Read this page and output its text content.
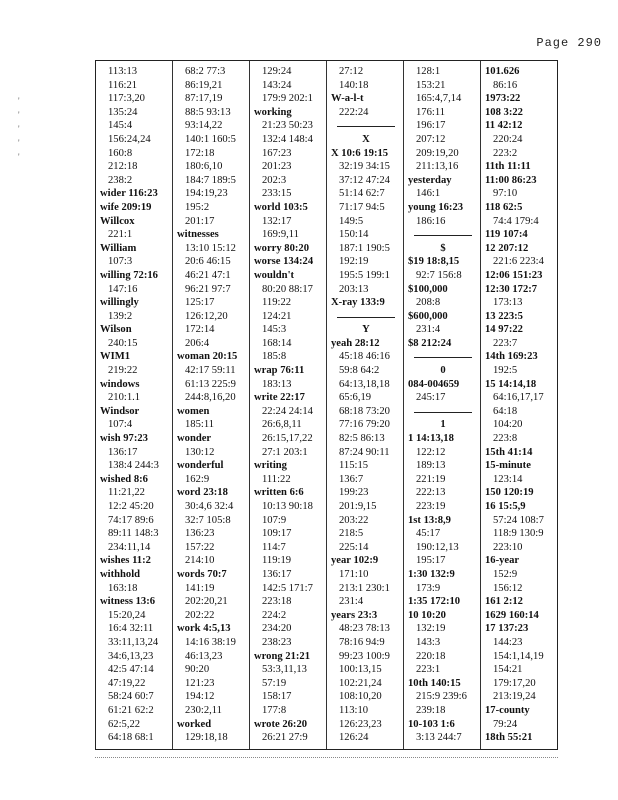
Page 290
'
'
'
'
'
113:13
116:21
117:3,20
135:24
145:4
156:24,24
160:8
212:18
238:2
wider 116:23
wife 209:19
Willcox
221:1
William
107:3
willing 72:16
147:16
willingly
139:2
Wilson
240:15
WIM1
219:22
windows
210:1.1
Windsor
107:4
wish 97:23
136:17
138:4 244:3
wished 8:6
11:21,22
12:2 45:20
74:17 89:6
89:11 148:3
234:11,14
wishes 11:2
withhold
163:18
witness 13:6
15:20,24
16:4 32:11
33:11,13,24
34:6,13,23
42:5 47:14
47:19,22
58:24 60:7
61:21 62:2
62:5,22
64:18 68:1
68:2 77:3
86:19,21
87:17,19
88:5 93:13
93:14,22
140:1 160:5
172:18
180:6,10
184:7 189:5
194:19,23
195:2
201:17
witnesses
13:10 15:12
20:6 46:15
46:21 47:1
96:21 97:7
125:17
126:12,20
172:14
206:4
woman 20:15
42:17 59:11
61:13 225:9
244:8,16,20
women
185:11
wonder
130:12
wonderful
162:9
word 23:18
30:4,6 32:4
32:7 105:8
136:23
157:22
214:10
words 70:7
141:19
202:20,21
202:22
work 4:5,13
14:16 38:19
46:13,23
90:20
121:23
194:12
230:2,11
worked
129:18,18
129:24
143:24
179:9 202:1
working
21:23 50:23
132:4 148:4
167:23
201:23
202:3
233:15
world 103:5
132:17
169:9,11
worry 80:20
worse 134:24
wouldn't
80:20 88:17
119:22
124:21
145:3
168:14
185:8
wrap 76:11
183:13
write 22:17
22:24 24:14
26:6,8,11
26:15,17,22
27:1 203:1
writing
111:22
written 6:6
10:13 90:18
107:9
109:17
114:7
119:19
136:17
142:5 171:7
223:18
224:2
234:20
238:23
wrong 21:21
53:3,11,13
57:19
158:17
177:8
wrote 26:20
26:21 27:9
27:12
140:18
W-a-l-t
222:24
X
X 10:6 19:15
32:19 34:15
37:12 47:24
51:14 62:7
71:17 94:5
149:5
150:14
187:1 190:5
192:19
195:5 199:1
203:13
X-ray 133:9
Y
yeah 28:12
45:18 46:16
59:8 64:2
64:13,18,18
65:6,19
68:18 73:20
77:16 79:20
82:5 86:13
87:24 90:11
115:15
136:7
199:23
201:9,15
203:22
218:5
225:14
year 102:9
171:10
213:1 230:1
231:4
years 23:3
48:23 78:13
78:16 94:9
99:23 100:9
100:13,15
102:21,24
108:10,20
113:10
126:23,23
126:24
128:1
153:21
165:4,7,14
176:11
196:17
207:12
209:19,20
211:13,16
yesterday
146:1
young 16:23
186:16
$
$19 18:8,15
92:7 156:8
$100,000
208:8
$600,000
231:4
$8 212:24
0
084-004659
245:17
1
1 14:13,18
122:12
189:13
221:19
222:13
223:19
1st 13:8,9
45:17
190:12,13
195:17
1:30 132:9
173:9
1:35 172:10
10 10:20
132:19
143:3
220:18
223:1
10th 140:15
215:9 239:6
239:18
10-103 1:6
3:13 244:7
101.626
86:16
1973:22
108 3:22
11 42:12
220:24
223:2
11th 11:11
11:00 86:23
97:10
118 62:5
74:4 179:4
119 107:4
12 207:12
221:6 223:4
12:06 151:23
12:30 172:7
173:13
13 223:5
14 97:22
223:7
14th 169:23
192:5
15 14:14,18
64:16,17,17
64:18
104:20
223:8
15th 41:14
15-minute
123:14
150 120:19
16 15:5,9
57:24 108:7
118:9 130:9
223:10
16-year
152:9
156:12
161 2:12
1629 160:14
17 137:23
144:23
154:1,14,19
154:21
179:17,20
213:19,24
17-county
79:24
18th 55:21
